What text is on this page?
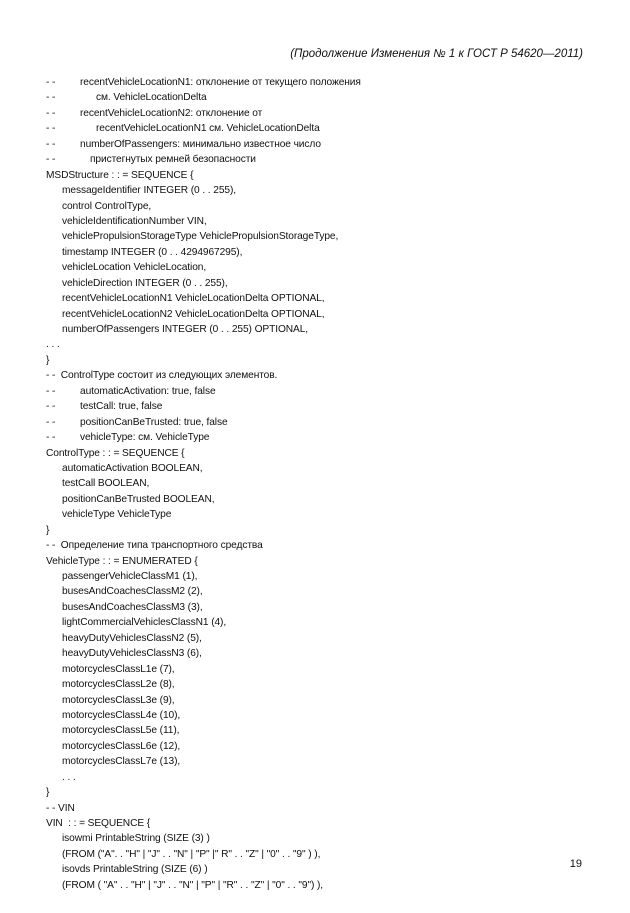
(Продолжение Изменения № 1 к ГОСТ Р 54620—2011)
- - recentVehicleLocationN1: отклонение от текущего положения
- -	см. VehicleLocationDelta
- - recentVehicleLocationN2: отклонение от
- -	recentVehicleLocationN1 см. VehicleLocationDelta
- - numberOfPassengers: минимально известное число
- -	пристегнутых ремней безопасности
MSDStructure : : = SEQUENCE {
messageIdentifier INTEGER (0 . . 255),
control ControlType,
vehicleIdentificationNumber VIN,
vehiclePropulsionStorageType VehiclePropulsionStorageType,
timestamp INTEGER (0 . . 4294967295),
vehicleLocation VehicleLocation,
vehicleDirection INTEGER (0 . . 255),
recentVehicleLocationN1 VehicleLocationDelta OPTIONAL,
recentVehicleLocationN2 VehicleLocationDelta OPTIONAL,
numberOfPassengers INTEGER (0 . . 255) OPTIONAL,
. . .
}
- -  ControlType состоит из следующих элементов.
- - automaticActivation: true, false
- - testCall: true, false
- - positionCanBeTrusted: true, false
- - vehicleType: см. VehicleType
ControlType : : = SEQUENCE {
automaticActivation BOOLEAN,
testCall BOOLEAN,
positionCanBeTrusted BOOLEAN,
vehicleType VehicleType
}
- -  Определение типа транспортного средства
VehicleType : : = ENUMERATED {
passengerVehicleClassM1 (1),
busesAndCoachesClassM2 (2),
busesAndCoachesClassM3 (3),
lightCommercialVehiclesClassN1 (4),
heavyDutyVehiclesClassN2 (5),
heavyDutyVehiclesClassN3 (6),
motorcyclesClassL1e (7),
motorcyclesClassL2e (8),
motorcyclesClassL3e (9),
motorcyclesClassL4e (10),
motorcyclesClassL5e (11),
motorcyclesClassL6e (12),
motorcyclesClassL7e (13),
. . .
}
- - VIN
VIN  : : = SEQUENCE {
isowmi PrintableString (SIZE (3) )
(FROM ("A". . "H" | "J" . . "N" | "P" |" R" . . "Z" | "0" . . "9" ) ),
isovds PrintableString (SIZE (6) )
(FROM ( "A" . . "H" | "J" . . "N" | "P" | "R" . . "Z" | "0" . . "9") ),
19
